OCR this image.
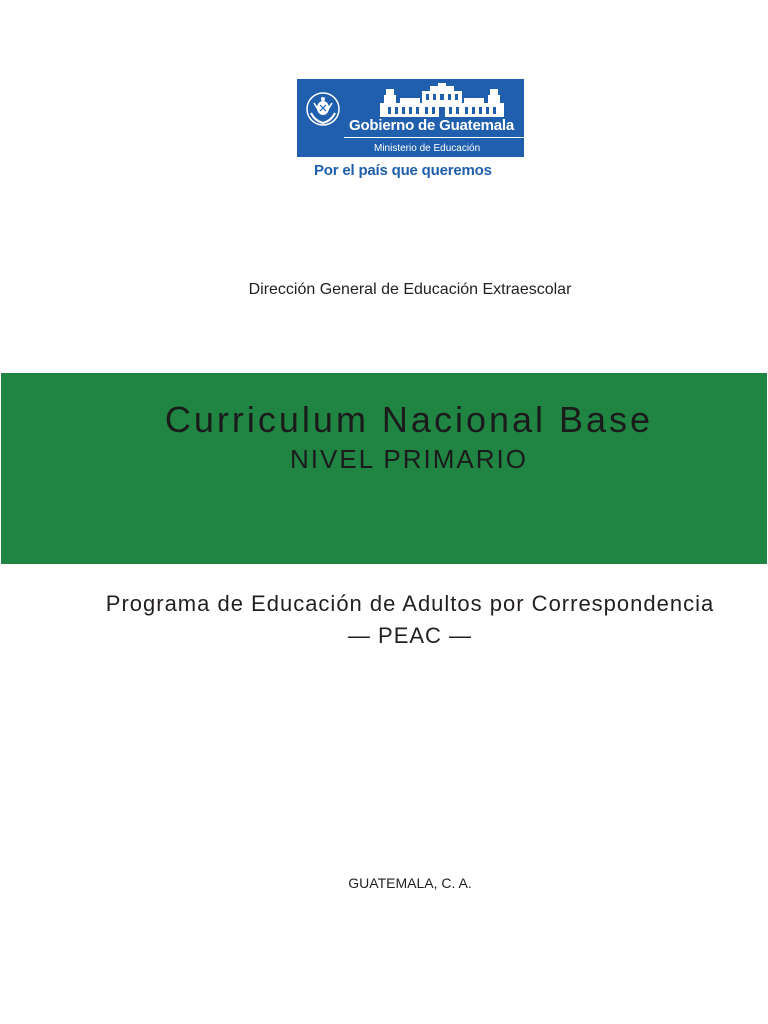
Gobierno de Guatemala
Ministerio de Educación
Por el país que queremos
Dirección General de Educación Extraescolar
Curriculum Nacional Base
NIVEL PRIMARIO
Programa de Educación de Adultos por Correspondencia
— PEAC —
GUATEMALA, C. A.
